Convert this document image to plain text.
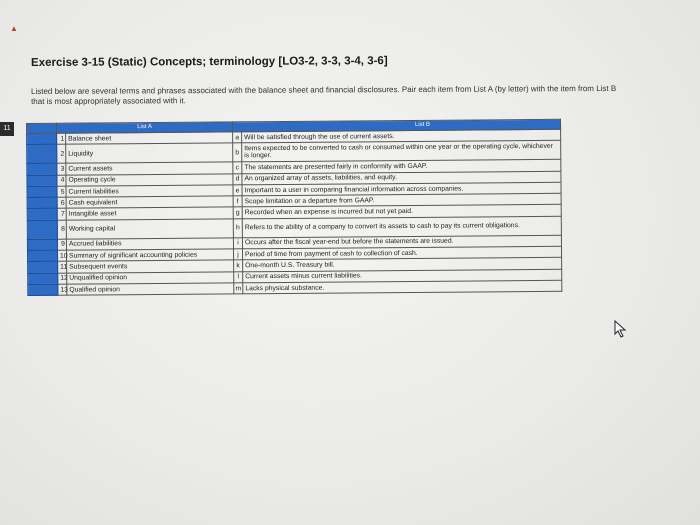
▲
11
Exercise 3-15 (Static) Concepts; terminology [LO3-2, 3-3, 3-4, 3-6]
Listed below are several terms and phrases associated with the balance sheet and financial disclosures. Pair each item from List A (by letter) with the item from List B that is most appropriately associated with it.
	List A		List B	
	1	Balance sheet	a	Will be satisfied through the use of current assets.
	2	Liquidity	b	Items expected to be converted to cash or consumed within one year or the operating cycle, whichever is longer.
	3	Current assets	c	The statements are presented fairly in conformity with GAAP.
	4	Operating cycle	d	An organized array of assets, liabilities, and equity.
	5	Current liabilities	e	Important to a user in comparing financial information across companies.
	6	Cash equivalent	f	Scope limitation or a departure from GAAP.
	7	Intangible asset	g	Recorded when an expense is incurred but not yet paid.
	8	Working capital	h	Refers to the ability of a company to convert its assets to cash to pay its current obligations.
	9	Accrued liabilities	i	Occurs after the fiscal year-end but before the statements are issued.
	10	Summary of significant accounting policies	j	Period of time from payment of cash to collection of cash.
	11	Subsequent events	k	One-month U.S. Treasury bill.
	12	Unqualified opinion	l	Current assets minus current liabilities.
	13	Qualified opinion	m	Lacks physical substance.
